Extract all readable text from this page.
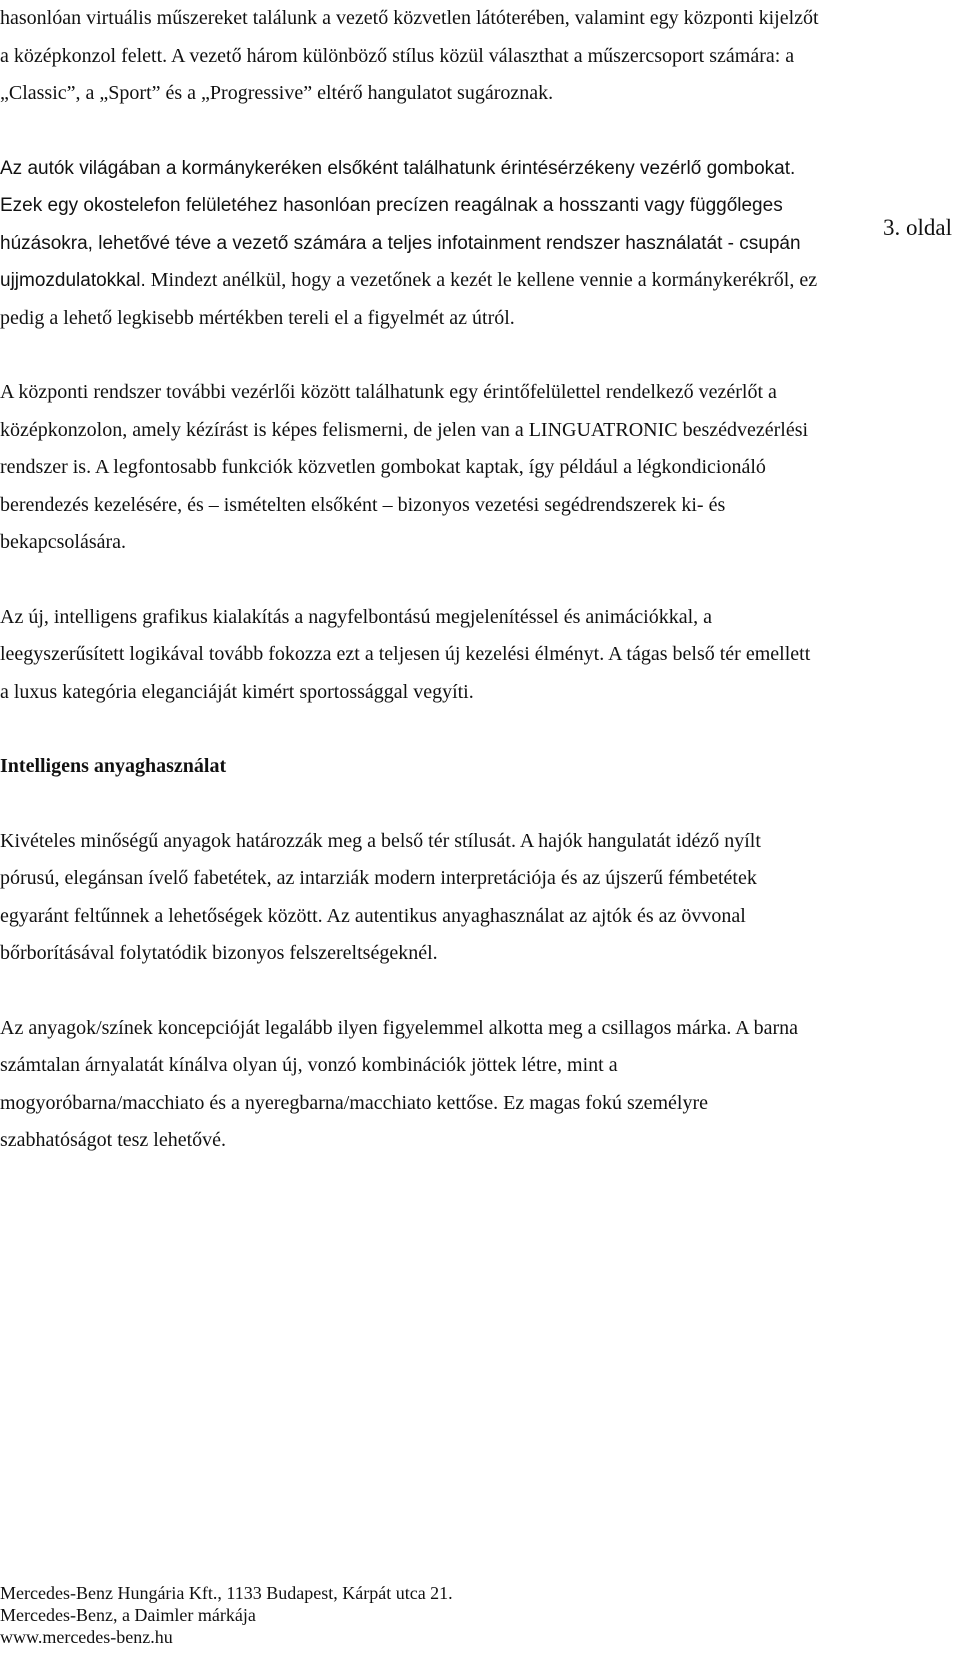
hasonlóan virtuális műszereket találunk a vezető közvetlen látóterében, valamint egy központi kijelzőt a középkonzol felett. A vezető három különböző stílus közül választhat a műszercsoport számára: a „Classic”, a „Sport” és a „Progressive” eltérő hangulatot sugároznak.

Az autók világában a kormánykeréken elsőként találhatunk érintésérzékeny vezérlő gombokat. Ezek egy okostelefon felületéhez hasonlóan precízen reagálnak a hosszanti vagy függőleges húzásokra, lehetővé téve a vezető számára a teljes infotainment rendszer használatát - csupán ujjmozdulatokkal. Mindezt anélkül, hogy a vezetőnek a kezét le kellene vennie a kormánykerékről, ez pedig a lehető legkisebb mértékben tereli el a figyelmét az útról.

A központi rendszer további vezérlői között találhatunk egy érintőfelülettel rendelkező vezérlőt a középkonzolon, amely kézírást is képes felismerni, de jelen van a LINGUATRONIC beszédvezérlési rendszer is. A legfontosabb funkciók közvetlen gombokat kaptak, így például a légkondicionáló berendezés kezelésére, és – ismételten elsőként – bizonyos vezetési segédrendszerek ki- és bekapcsolására.

Az új, intelligens grafikus kialakítás a nagyfelbontású megjelenítéssel és animációkkal, a leegyszerűsített logikával tovább fokozza ezt a teljesen új kezelési élményt. A tágas belső tér emellett a luxus kategória eleganciáját kimért sportossággal vegyíti.

Intelligens anyaghasználat

Kivételes minőségű anyagok határozzák meg a belső tér stílusát. A hajók hangulatát idéző nyílt pórusú, elegánsan ívelő fabetétek, az intarziák modern interpretációja és az újszerű fémbetétek egyaránt feltűnnek a lehetőségek között. Az autentikus anyaghasználat az ajtók és az övvonal bőrborításával folytatódik bizonyos felszereltségeknél.

Az anyagok/színek koncepcióját legalább ilyen figyelemmel alkotta meg a csillagos márka. A barna számtalan árnyalatát kínálva olyan új, vonzó kombinációk jöttek létre, mint a mogyoróbarna/macchiato és a nyeregbarna/macchiato kettőse. Ez magas fokú személyre szabhatóságot tesz lehetővé.

3. oldal
Mercedes-Benz Hungária Kft., 1133 Budapest, Kárpát utca 21.
Mercedes-Benz, a Daimler márkája
www.mercedes-benz.hu
